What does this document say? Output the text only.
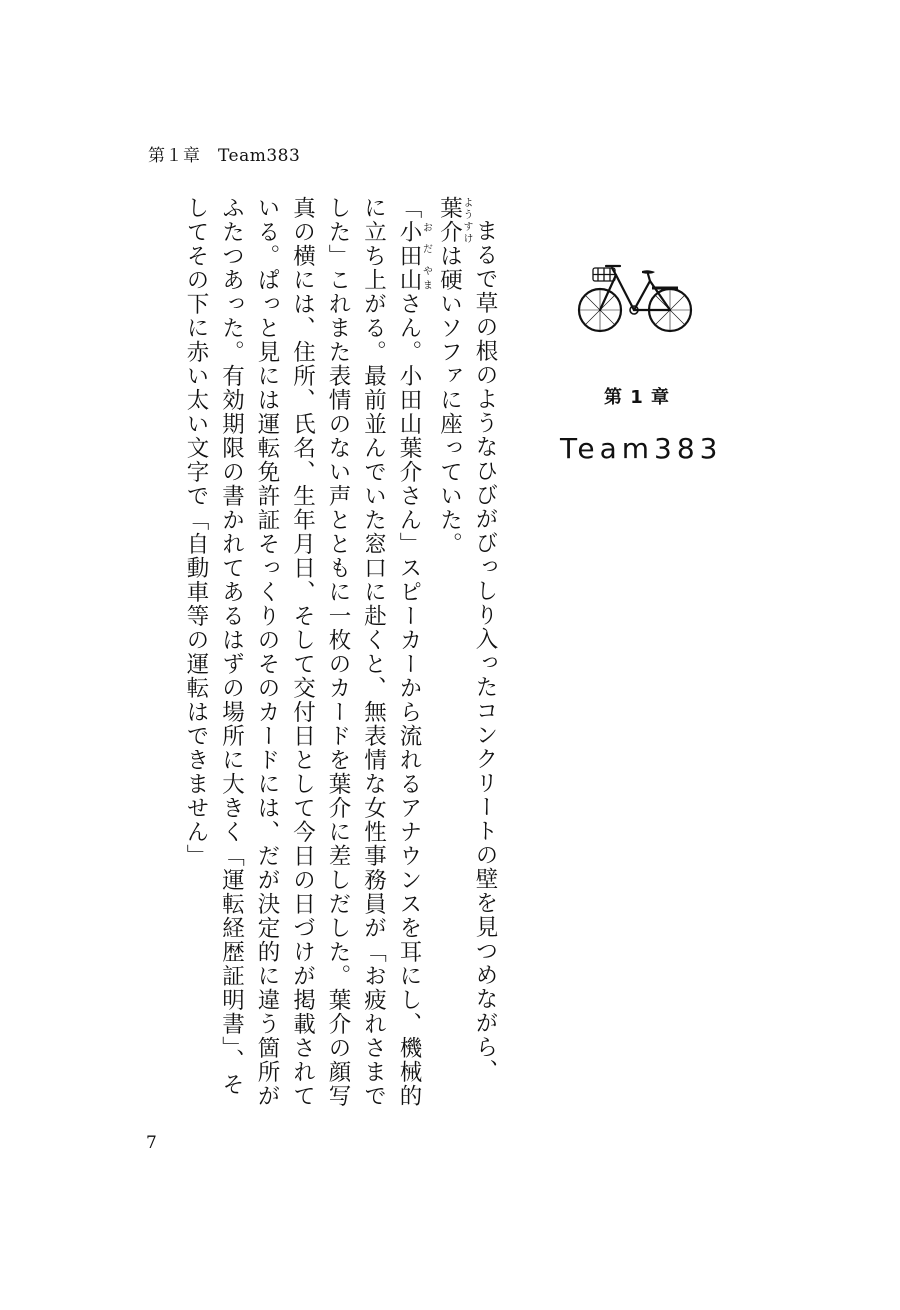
第１章　Team383

まるで草の根のようなひびがびっしり入ったコンクリートの壁を見つめながら、葉介ようすけは硬いソファに座っていた。

「小田山お だ やまさん。小田山葉介さん」スピーカーから流れるアナウンスを耳にし、機械的に立ち上がる。最前並んでいた窓口に赴くと、無表情な女性事務員が「お疲れさまでした」これまた表情のない声とともに一枚のカードを葉介に差しだした。葉介の顔写真の横には、住所、氏名、生年月日、そして交付日として今日の日づけが掲載されている。ぱっと見には運転免許証そっくりのそのカードには、だが決定的に違う箇所がふたつあった。有効期限の書かれてあるはずの場所に大きく「運転経歴証明書」、そしてその下に赤い太い文字で「自動車等の運転はできません」	第 1 章
Team383
7
